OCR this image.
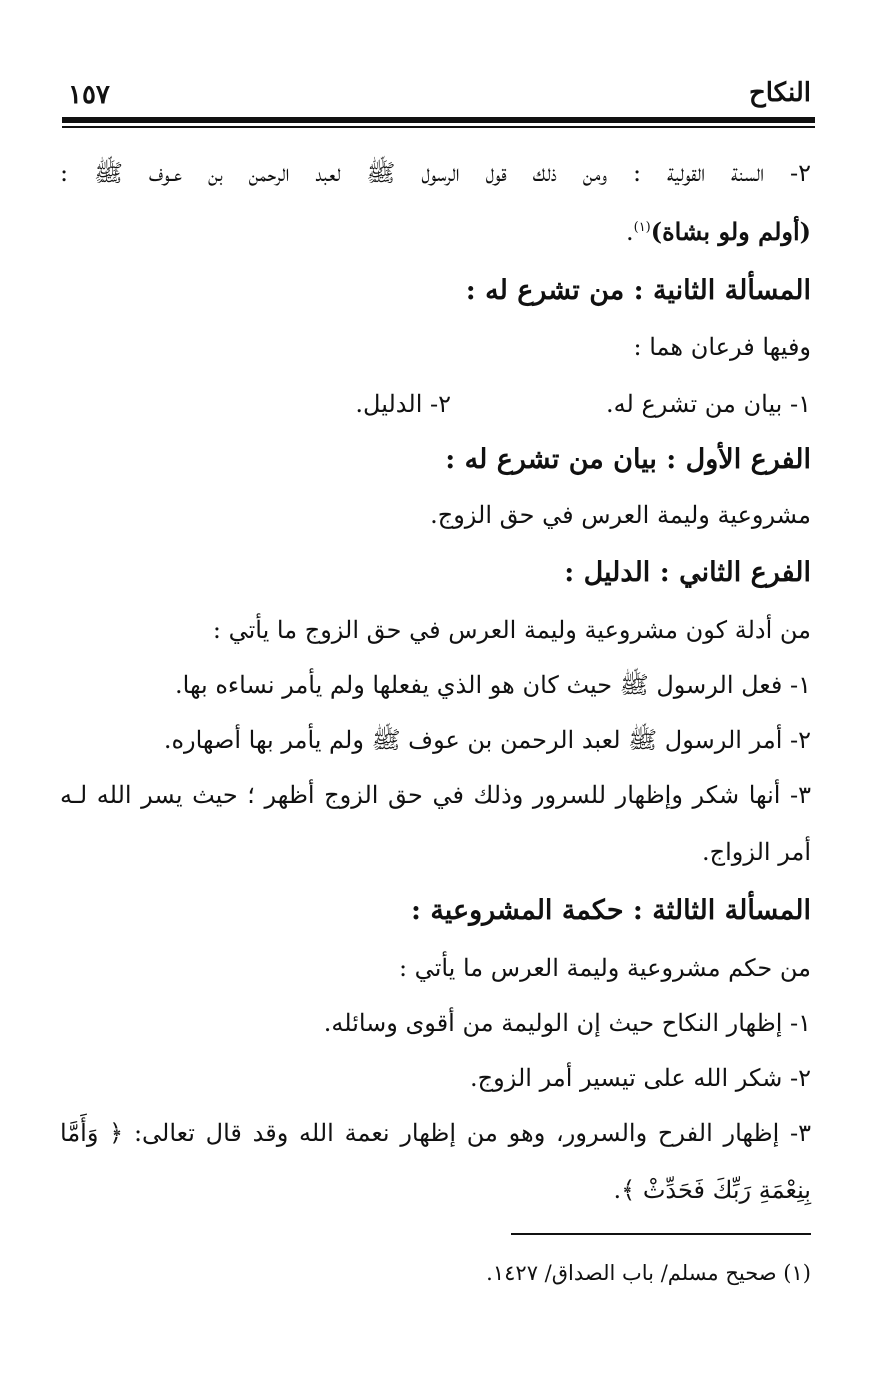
النكاح
١٥٧
٢- السنة القولية : ومن ذلك قول الرسول ﷺ لعبد الرحمن بن عـوف ﷺ :
(أولم ولو بشاة)$^{(١)}$.
المسألة الثانية : من تشرع له :
وفيها فرعان هما :
١- بيان من تشرع له.
٢- الدليل.
الفرع الأول : بيان من تشرع له :
مشروعية وليمة العرس في حق الزوج.
الفرع الثاني : الدليل :
من أدلة كون مشروعية وليمة العرس في حق الزوج ما يأتي :
١- فعل الرسول ﷺ حيث كان هو الذي يفعلها ولم يأمر نساءه بها.
٢- أمر الرسول ﷺ لعبد الرحمن بن عوف ﷺ ولم يأمر بها أصهاره.
٣- أنها شكر وإظهار للسرور وذلك في حق الزوج أظهر ؛ حيث يسر الله لـه
أمر الزواج.
المسألة الثالثة : حكمة المشروعية :
من حكم مشروعية وليمة العرس ما يأتي :
١- إظهار النكاح حيث إن الوليمة من أقوى وسائله.
٢- شكر الله على تيسير أمر الزوج.
٣- إظهار الفرح والسرور، وهو من إظهار نعمة الله وقد قال تعالى: ﴿ وَأَمَّا
بِنِعْمَةِ رَبِّكَ فَحَدِّثْ ﴾.
(١) صحيح مسلم/ باب الصداق/ ١٤٢٧.
